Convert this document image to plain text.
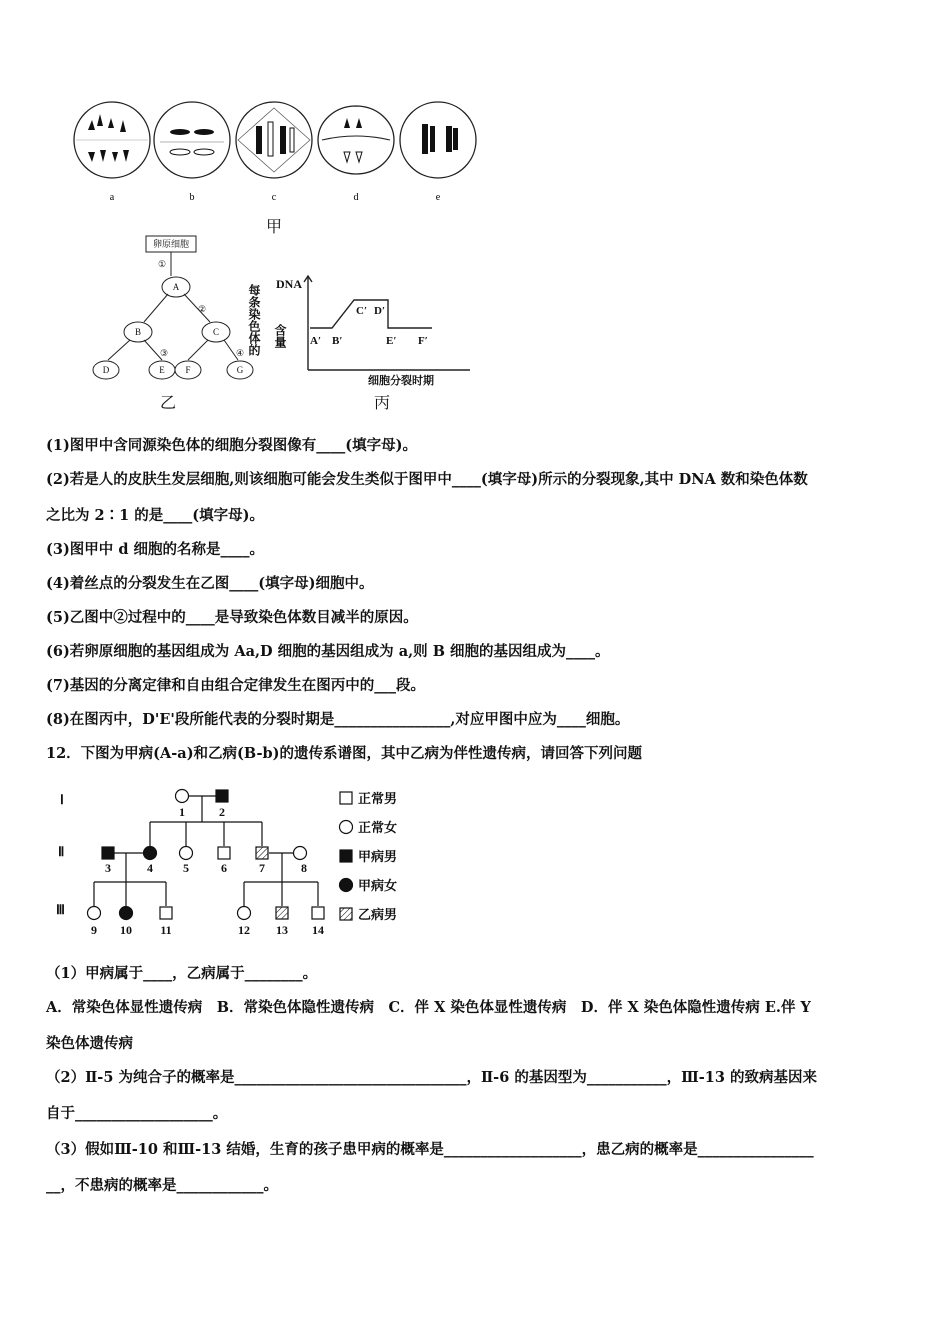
a	b	c	d	e
甲
卵原细胞
①
②
③	④
A
B	C
D	E F	G
乙
每条染色体的 DNA
含量 A′ B′
C′ D′
E′ F′
细胞分裂时期
丙
(1)图甲中含同源染色体的细胞分裂图像有____(填字母)。
(2)若是人的皮肤生发层细胞,则该细胞可能会发生类似于图甲中____(填字母)所示的分裂现象,其中 DNA 数和染色体数
之比为 2∶1 的是____(填字母)。
(3)图甲中 d 细胞的名称是____。
(4)着丝点的分裂发生在乙图____(填字母)细胞中。
(5)乙图中②过程中的____是导致染色体数目减半的原因。
(6)若卵原细胞的基因组成为 Aa,D 细胞的基因组成为 a,则 B 细胞的基因组成为____。
(7)基因的分离定律和自由组合定律发生在图丙中的___段。
(8)在图丙中，D'E'段所能代表的分裂时期是________________,对应甲图中应为____细胞。
12．下图为甲病(A-a)和乙病(B-b)的遗传系谱图，其中乙病为伴性遗传病，请回答下列问题
Ⅰ
Ⅱ
Ⅲ
1	2
3	4	5	6	7	8
9 10 11	12 13 14
正常男
正常女
甲病男
甲病女
乙病男
（1）甲病属于____，乙病属于________。
A．常染色体显性遗传病　B．常染色体隐性遗传病　C．伴 X 染色体显性遗传病　D．伴 X 染色体隐性遗传病 E.伴 Y
染色体遗传病
（2）Ⅱ-5 为纯合子的概率是________________________________，Ⅱ-6 的基因型为___________，Ⅲ-13 的致病基因来
自于___________________。
（3）假如Ⅲ-10 和Ⅲ-13 结婚，生育的孩子患甲病的概率是___________________，患乙病的概率是________________
__，不患病的概率是____________。
